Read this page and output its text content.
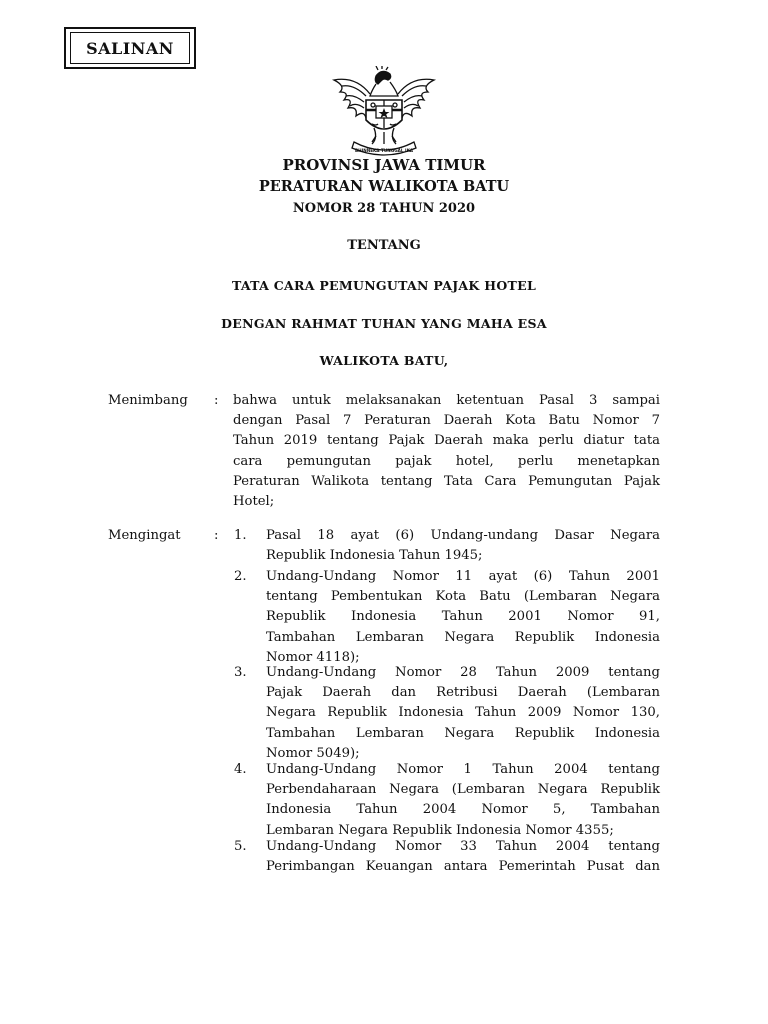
SALINAN
BHINNEKA TUNGGAL IKA
PROVINSI JAWA TIMUR
PERATURAN WALIKOTA BATU
NOMOR 28 TAHUN 2020
TENTANG
TATA CARA PEMUNGUTAN PAJAK HOTEL
DENGAN RAHMAT TUHAN YANG MAHA ESA
WALIKOTA BATU,
Menimbang : bahwa untuk melaksanakan ketentuan Pasal 3 sampai
dengan Pasal 7 Peraturan Daerah Kota Batu Nomor 7
Tahun 2019 tentang Pajak Daerah maka perlu diatur tata
cara pemungutan pajak hotel, perlu menetapkan
Peraturan Walikota tentang Tata Cara Pemungutan Pajak
Hotel;
Mengingat	: 1. Pasal 18 ayat (6) Undang-undang Dasar Negara
Republik Indonesia Tahun 1945;
2. Undang-Undang Nomor 11 ayat (6) Tahun 2001
tentang Pembentukan Kota Batu (Lembaran Negara
Republik Indonesia Tahun 2001 Nomor 91,
Tambahan Lembaran Negara Republik Indonesia
Nomor 4118);
3. Undang-Undang Nomor 28 Tahun 2009 tentang
Pajak Daerah dan Retribusi Daerah (Lembaran
Negara Republik Indonesia Tahun 2009 Nomor 130,
Tambahan Lembaran Negara Republik Indonesia
Nomor 5049);
4. Undang-Undang Nomor 1 Tahun 2004 tentang
Perbendaharaan Negara (Lembaran Negara Republik
Indonesia Tahun 2004 Nomor 5, Tambahan
Lembaran Negara Republik Indonesia Nomor 4355;
5. Undang-Undang Nomor 33 Tahun 2004 tentang
Perimbangan Keuangan antara Pemerintah Pusat dan
